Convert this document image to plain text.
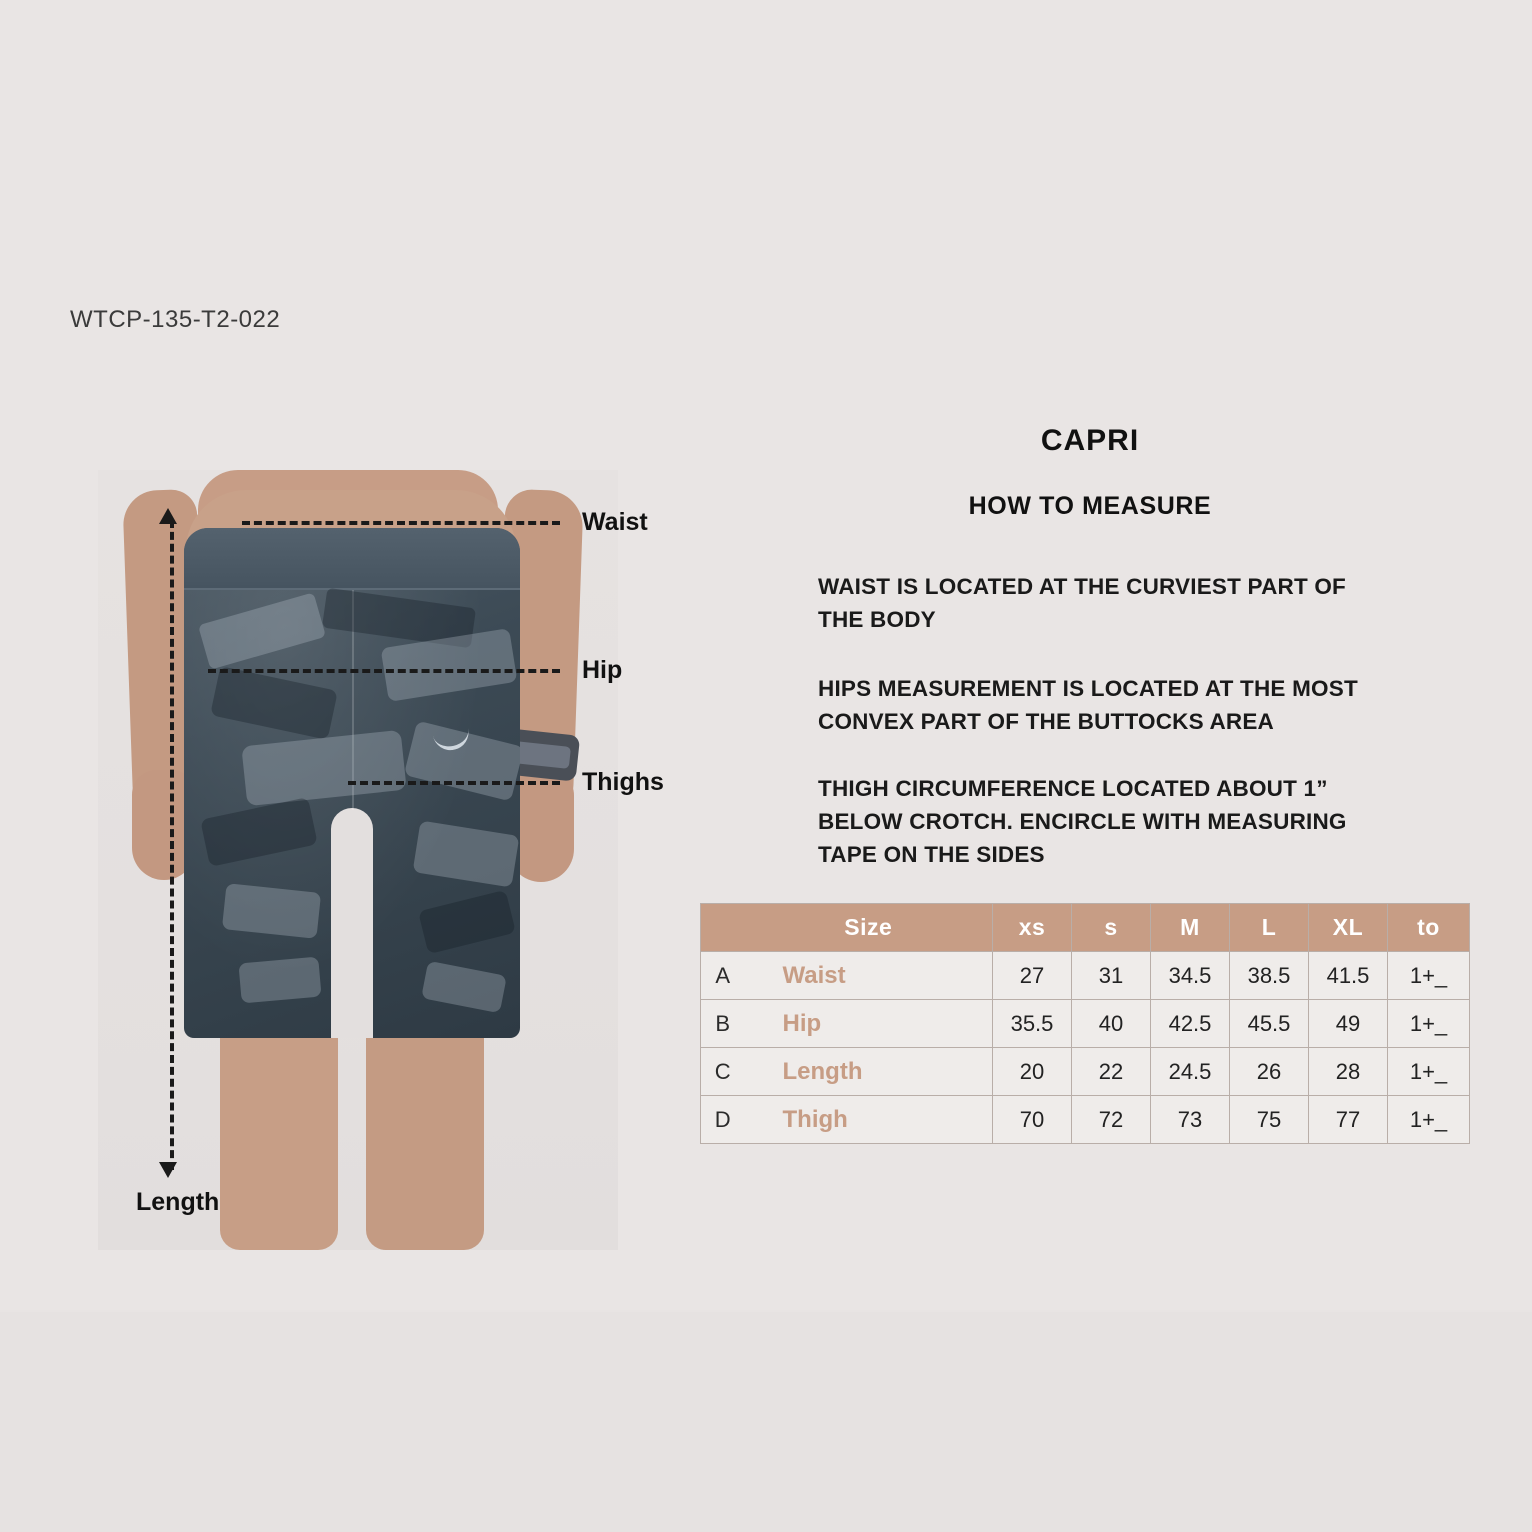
WTCP-135-T2-022
Waist
Hip
Thighs
Length
CAPRI
HOW TO MEASURE
WAIST IS LOCATED AT THE CURVIEST PART OF THE BODY
HIPS MEASUREMENT IS LOCATED AT THE MOST CONVEX PART OF THE BUTTOCKS AREA
THIGH CIRCUMFERENCE LOCATED ABOUT 1” BELOW CROTCH. ENCIRCLE WITH MEASURING TAPE ON THE SIDES
	Size	xs	s	M	L	XL	to
A	Waist	27	31	34.5	38.5	41.5	1+_
B	Hip	35.5	40	42.5	45.5	49	1+_
C	Length	20	22	24.5	26	28	1+_
D	Thigh	70	72	73	75	77	1+_
